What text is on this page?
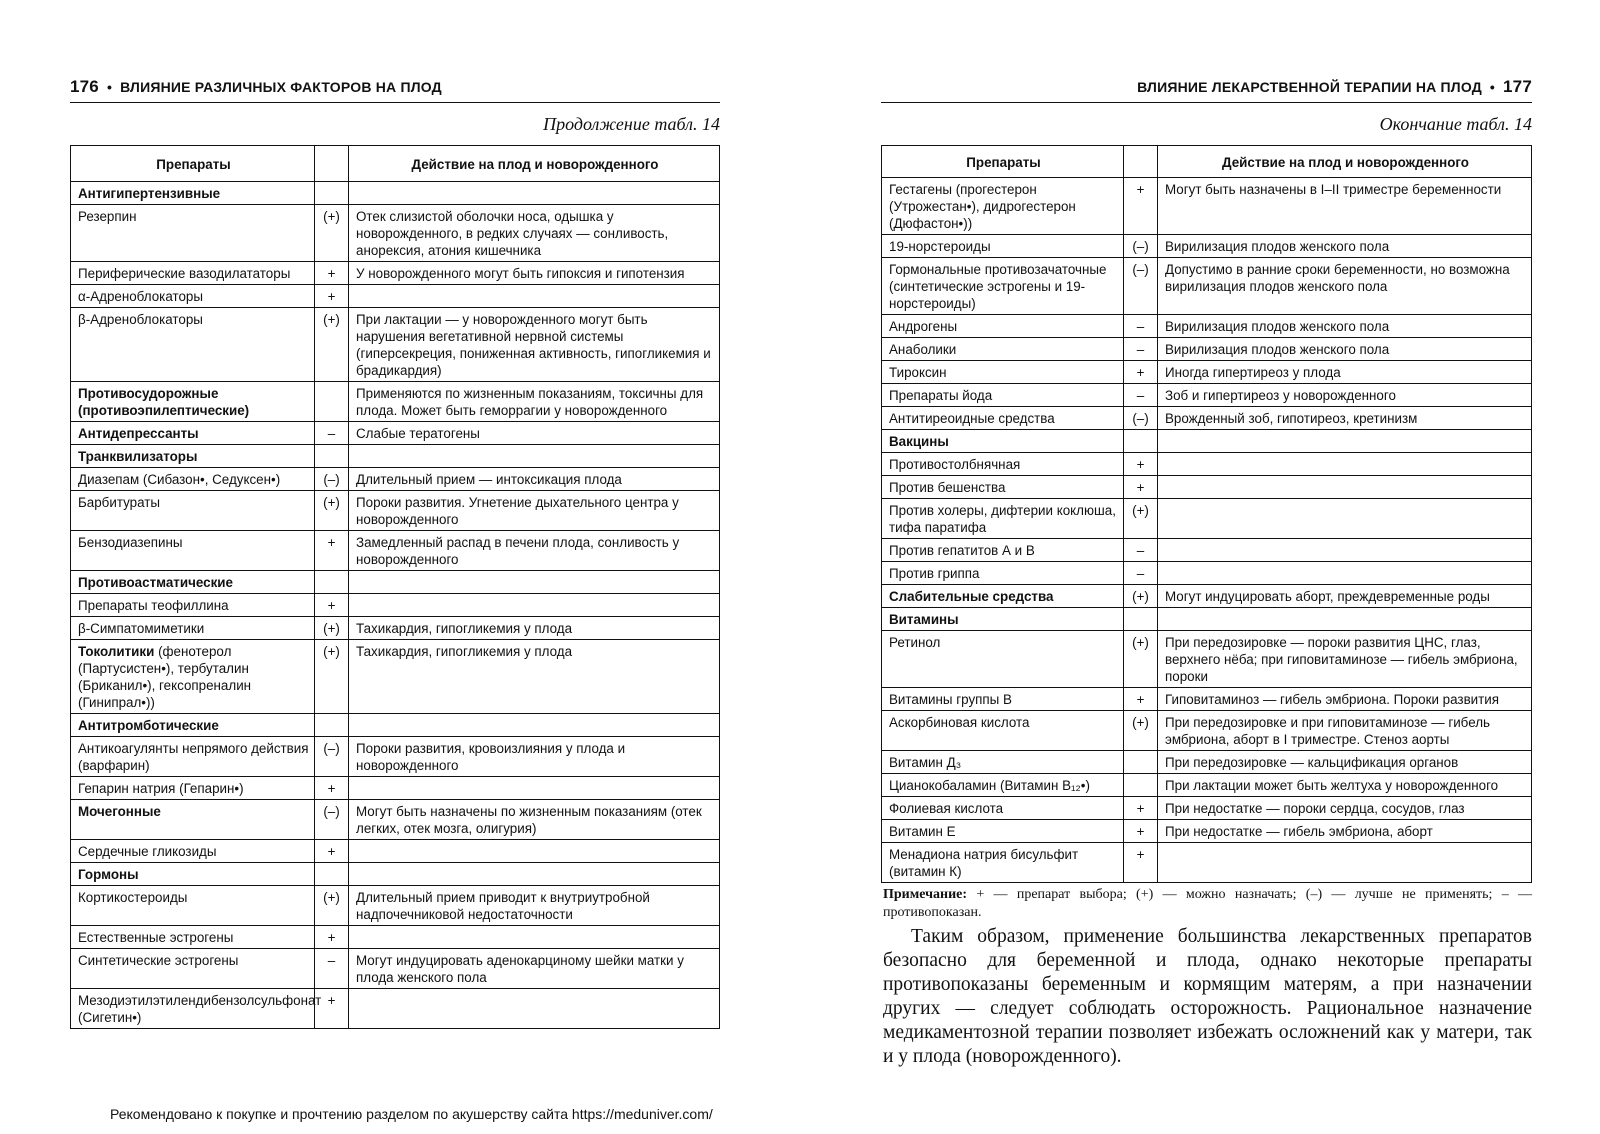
176 • ВЛИЯНИЕ РАЗЛИЧНЫХ ФАКТОРОВ НА ПЛОД
Продолжение табл. 14
Препараты		Действие на плод и новорожденного
Антигипертензивные		
Резерпин	(+)	Отек слизистой оболочки носа, одышка у новорожденного, в редких случаях — сонливость, анорексия, атония кишечника
Периферические вазодилататоры	+	У новорожденного могут быть гипоксия и гипотензия
α-Адреноблокаторы	+	
β-Адреноблокаторы	(+)	При лактации — у новорожденного могут быть нарушения вегетативной нервной системы (гиперсекреция, пониженная активность, гипогликемия и брадикардия)
Противосудорожные (противоэпилептические)		Применяются по жизненным показаниям, токсичны для плода. Может быть геморрагии у новорожденного
Антидепрессанты	–	Слабые тератогены
Транквилизаторы		
Диазепам (Сибазон•, Седуксен•)	(–)	Длительный прием — интоксикация плода
Барбитураты	(+)	Пороки развития. Угнетение дыхательного центра у новорожденного
Бензодиазепины	+	Замедленный распад в печени плода, сонливость у новорожденного
Противоастматические		
Препараты теофиллина	+	
β-Симпатомиметики	(+)	Тахикардия, гипогликемия у плода
Токолитики (фенотерол (Партусистен•), тербуталин (Бриканил•), гексопреналин (Гинипрал•))	(+)	Тахикардия, гипогликемия у плода
Антитромботические		
Антикоагулянты непрямого действия (варфарин)	(–)	Пороки развития, кровоизлияния у плода и новорожденного
Гепарин натрия (Гепарин•)	+	
Мочегонные	(–)	Могут быть назначены по жизненным показаниям (отек легких, отек мозга, олигурия)
Сердечные гликозиды	+	
Гормоны		
Кортикостероиды	(+)	Длительный прием приводит к внутриутробной надпочечниковой недостаточности
Естественные эстрогены	+	
Синтетические эстрогены	–	Могут индуцировать аденокарциному шейки матки у плода женского пола
Мезодиэтилэтилендибензолсульфонат (Сигетин•)	+	
ВЛИЯНИЕ ЛЕКАРСТВЕННОЙ ТЕРАПИИ НА ПЛОД • 177
Окончание табл. 14
Препараты		Действие на плод и новорожденного
Гестагены (прогестерон (Утрожестан•), дидрогестерон (Дюфастон•))	+	Могут быть назначены в I–II триместре беременности
19-норстероиды	(–)	Вирилизация плодов женского пола
Гормональные противозачаточные (синтетические эстрогены и 19-норстероиды)	(–)	Допустимо в ранние сроки беременности, но возможна вирилизация плодов женского пола
Андрогены	–	Вирилизация плодов женского пола
Анаболики	–	Вирилизация плодов женского пола
Тироксин	+	Иногда гипертиреоз у плода
Препараты йода	–	Зоб и гипертиреоз у новорожденного
Антитиреоидные средства	(–)	Врожденный зоб, гипотиреоз, кретинизм
Вакцины		
Противостолбнячная	+	
Против бешенства	+	
Против холеры, дифтерии коклюша, тифа паратифа	(+)	
Против гепатитов А и В	–	
Против гриппа	–	
Слабительные средства	(+)	Могут индуцировать аборт, преждевременные роды
Витамины		
Ретинол	(+)	При передозировке — пороки развития ЦНС, глаз, верхнего нёба; при гиповитаминозе — гибель эмбриона, пороки
Витамины группы В	+	Гиповитаминоз — гибель эмбриона. Пороки развития
Аскорбиновая кислота	(+)	При передозировке и при гиповитаминозе — гибель эмбриона, аборт в I триместре. Стеноз аорты
Витамин Д₃		При передозировке — кальцификация органов
Цианокобаламин (Витамин В₁₂•)		При лактации может быть желтуха у новорожденного
Фолиевая кислота	+	При недостатке — пороки сердца, сосудов, глаз
Витамин Е	+	При недостатке — гибель эмбриона, аборт
Менадиона натрия бисульфит (витамин К)	+	
Примечание: + — препарат выбора; (+) — можно назначать; (–) — лучше не применять; – — противопоказан.
Таким образом, применение большинства лекарственных препаратов безопасно для беременной и плода, однако некоторые препараты противопоказаны беременным и кормящим матерям, а при назначении других — следует соблюдать осторожность. Рациональное назначение медикаментозной терапии позволяет избежать осложнений как у матери, так и у плода (новорожденного).
Рекомендовано к покупке и прочтению разделом по акушерству сайта https://meduniver.com/
